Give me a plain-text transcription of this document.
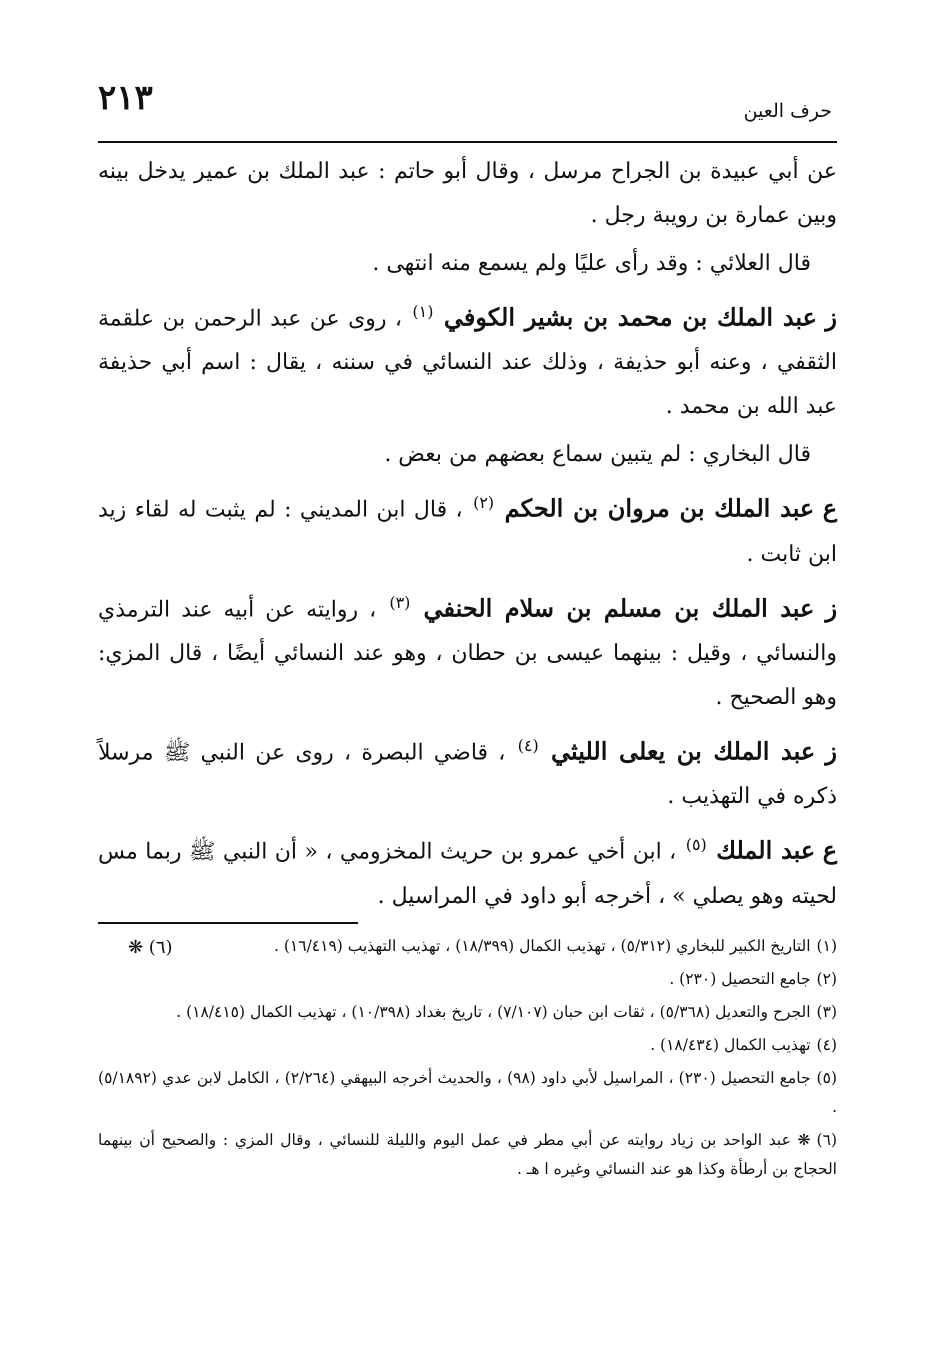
٢١٣	حرف العين

عن أبي عبيدة بن الجراح مرسل ، وقال أبو حاتم : عبد الملك بن عمير يدخل بينه وبين عمارة بن رويبة رجل .

قال العلائي : وقد رأى عليًا ولم يسمع منه انتهى .

ز عبد الملك بن محمد بن بشير الكوفي $^{(١)}$ ، روى عن عبد الرحمن بن علقمة الثقفي ، وعنه أبو حذيفة ، وذلك عند النسائي في سننه ، يقال : اسم أبي حذيفة عبد الله بن محمد .

قال البخاري : لم يتبين سماع بعضهم من بعض .

ع عبد الملك بن مروان بن الحكم $^{(٢)}$ ، قال ابن المديني : لم يثبت له لقاء زيد ابن ثابت .

ز عبد الملك بن مسلم بن سلام الحنفي $^{(٣)}$ ، روايته عن أبيه عند الترمذي والنسائي ، وقيل : بينهما عيسى بن حطان ، وهو عند النسائي أيضًا ، قال المزي: وهو الصحيح .

ز عبد الملك بن يعلى الليثي $^{(٤)}$ ، قاضي البصرة ، روى عن النبي ﷺ مرسلاً ذكره في التهذيب .

ع عبد الملك $^{(٥)}$ ، ابن أخي عمرو بن حريث المخزومي ، « أن النبي ﷺ ربما مس لحيته وهو يصلي » ، أخرجه أبو داود في المراسيل .

❋ (٦)	(١)التاريخ الكبير للبخاري (٥/٣١٢) ، تهذيب الكمال (١٨/٣٩٩) ، تهذيب التهذيب (١٦/٤١٩) .
(٢)جامع التحصيل (٢٣٠) .
(٣)الجرح والتعديل (٥/٣٦٨) ، ثقات ابن حبان (٧/١٠٧) ، تاريخ بغداد (١٠/٣٩٨) ، تهذيب الكمال (١٨/٤١٥) .
(٤)تهذيب الكمال (١٨/٤٣٤) .
(٥)جامع التحصيل (٢٣٠) ، المراسيل لأبي داود (٩٨) ، والحديث أخرجه البيهقي (٢/٢٦٤) ، الكامل لابن عدي (٥/١٨٩٢) .
(٦)❋ عبد الواحد بن زياد روايته عن أبي مطر في عمل اليوم والليلة للنسائي ، وقال المزي : والصحيح أن بينهما الحجاج بن أرطأة وكذا هو عند النسائي وغيره ا هـ .
